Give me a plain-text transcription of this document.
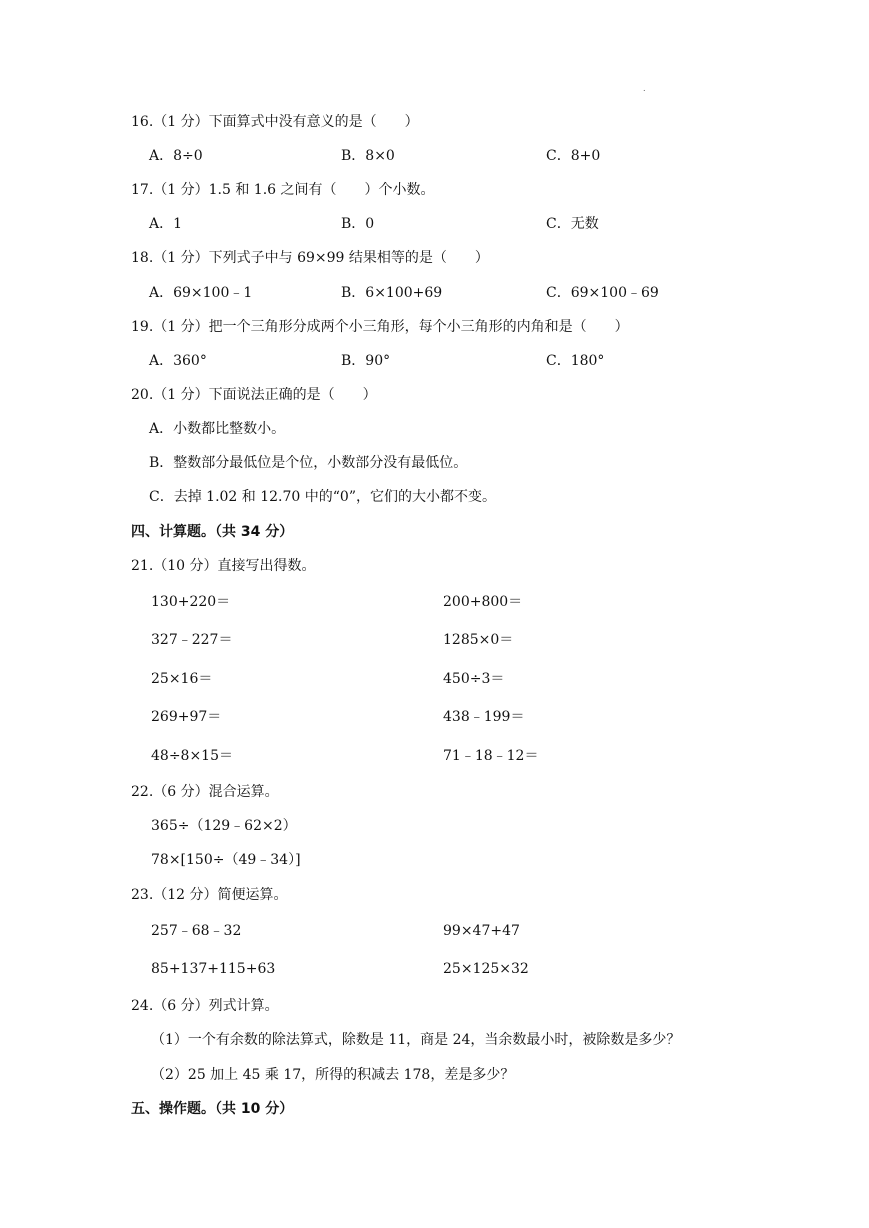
.
16.（1 分）下面算式中没有意义的是（　　）
A．8÷0	B．8×0	C．8+0
17.（1 分）1.5 和 1.6 之间有（　　）个小数。
A．1	B．0	C．无数
18.（1 分）下列式子中与 69×99 结果相等的是（　　）
A．69×100﹣1	B．6×100+69	C．69×100﹣69
19.（1 分）把一个三角形分成两个小三角形，每个小三角形的内角和是（　　）
A．360°	B．90°	C．180°
20.（1 分）下面说法正确的是（　　）
A．小数都比整数小。
B．整数部分最低位是个位，小数部分没有最低位。
C．去掉 1.02 和 12.70 中的“0”，它们的大小都不变。
四、计算题。（共 34 分）
21.（10 分）直接写出得数。
130+220＝	200+800＝
327﹣227＝	1285×0＝
25×16＝	450÷3＝
269+97＝	438﹣199＝
48÷8×15＝	71﹣18﹣12＝
22.（6 分）混合运算。
365÷（129﹣62×2）
78×[150÷（49﹣34）]
23.（12 分）简便运算。
257﹣68﹣32	99×47+47
85+137+115+63	25×125×32
24.（6 分）列式计算。
（1）一个有余数的除法算式，除数是 11，商是 24，当余数最小时，被除数是多少？
（2）25 加上 45 乘 17，所得的积减去 178，差是多少？
五、操作题。（共 10 分）
